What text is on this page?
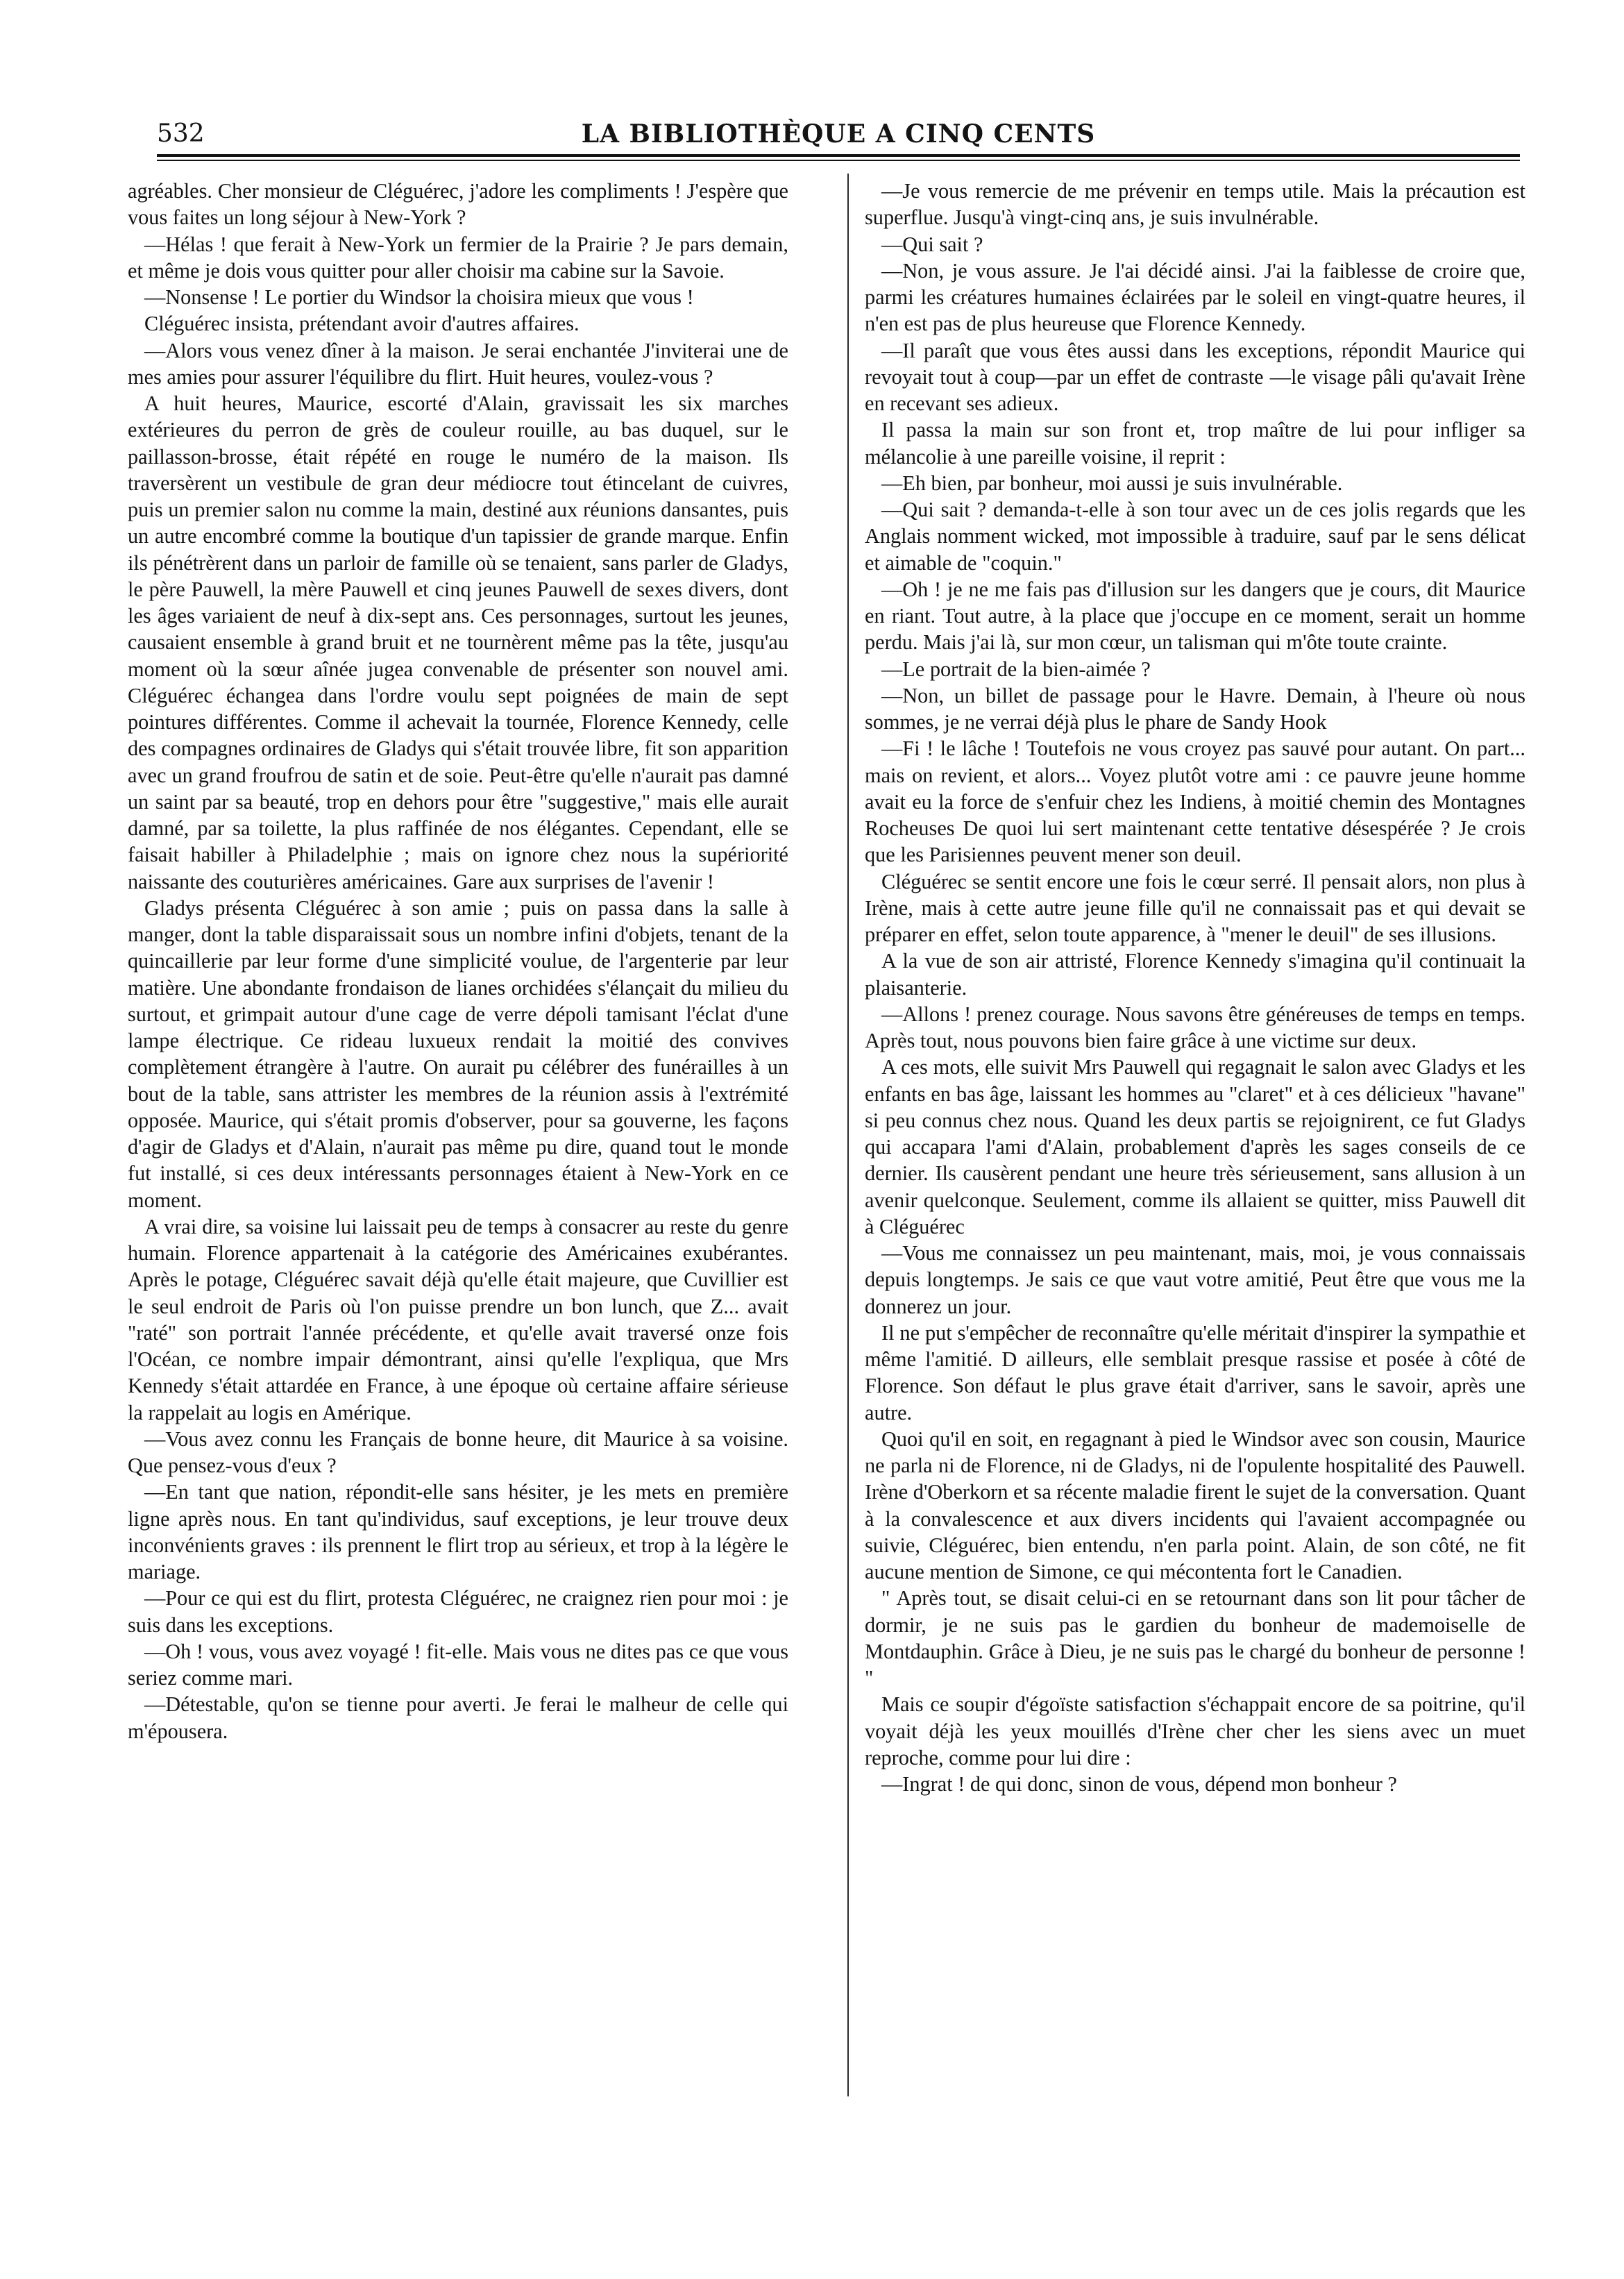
532	LA BIBLIOTHÈQUE A CINQ CENTS

agréables. Cher monsieur de Cléguérec, j'adore les compliments ! J'espère que vous faites un long séjour à New-York ?

—Hélas ! que ferait à New-York un fermier de la Prairie ? Je pars demain, et même je dois vous quitter pour aller choisir ma cabine sur la Savoie.

—Nonsense ! Le portier du Windsor la choisira mieux que vous !

Cléguérec insista, prétendant avoir d'autres affaires.

—Alors vous venez dîner à la maison. Je serai enchantée J'inviterai une de mes amies pour assurer l'équilibre du flirt. Huit heures, voulez-vous ?

A huit heures, Maurice, escorté d'Alain, gravissait les six marches extérieures du perron de grès de couleur rouille, au bas duquel, sur le paillasson-brosse, était répété en rouge le numéro de la maison. Ils traversèrent un vestibule de gran deur médiocre tout étincelant de cuivres, puis un premier salon nu comme la main, destiné aux réunions dansantes, puis un autre encombré comme la boutique d'un tapissier de grande marque. Enfin ils pénétrèrent dans un parloir de famille où se tenaient, sans parler de Gladys, le père Pauwell, la mère Pauwell et cinq jeunes Pauwell de sexes divers, dont les âges variaient de neuf à dix-sept ans. Ces personnages, surtout les jeunes, causaient ensemble à grand bruit et ne tournèrent même pas la tête, jusqu'au moment où la sœur aînée jugea convenable de présenter son nouvel ami. Cléguérec échangea dans l'ordre voulu sept poignées de main de sept pointures différentes. Comme il achevait la tournée, Florence Kennedy, celle des compagnes ordinaires de Gladys qui s'était trouvée libre, fit son apparition avec un grand froufrou de satin et de soie. Peut-être qu'elle n'aurait pas damné un saint par sa beauté, trop en dehors pour être "suggestive," mais elle aurait damné, par sa toilette, la plus raffinée de nos élégantes. Cependant, elle se faisait habiller à Philadelphie ; mais on ignore chez nous la supériorité naissante des couturières américaines. Gare aux surprises de l'avenir !

Gladys présenta Cléguérec à son amie ; puis on passa dans la salle à manger, dont la table disparaissait sous un nombre infini d'objets, tenant de la quincaillerie par leur forme d'une simplicité voulue, de l'argenterie par leur matière. Une abondante frondaison de lianes orchidées s'élançait du milieu du surtout, et grimpait autour d'une cage de verre dépoli tamisant l'éclat d'une lampe électrique. Ce rideau luxueux rendait la moitié des convives complètement étrangère à l'autre. On aurait pu célébrer des funérailles à un bout de la table, sans attrister les membres de la réunion assis à l'extrémité opposée. Maurice, qui s'était promis d'observer, pour sa gouverne, les façons d'agir de Gladys et d'Alain, n'aurait pas même pu dire, quand tout le monde fut installé, si ces deux intéressants personnages étaient à New-York en ce moment.

A vrai dire, sa voisine lui laissait peu de temps à consacrer au reste du genre humain. Florence appartenait à la catégorie des Américaines exubérantes. Après le potage, Cléguérec savait déjà qu'elle était majeure, que Cuvillier est le seul endroit de Paris où l'on puisse prendre un bon lunch, que Z... avait "raté" son portrait l'année précédente, et qu'elle avait traversé onze fois l'Océan, ce nombre impair démontrant, ainsi qu'elle l'expliqua, que Mrs Kennedy s'était attardée en France, à une époque où certaine affaire sérieuse la rappelait au logis en Amérique.

—Vous avez connu les Français de bonne heure, dit Maurice à sa voisine. Que pensez-vous d'eux ?

—En tant que nation, répondit-elle sans hésiter, je les mets en première ligne après nous. En tant qu'individus, sauf exceptions, je leur trouve deux inconvénients graves : ils prennent le flirt trop au sérieux, et trop à la légère le mariage.

—Pour ce qui est du flirt, protesta Cléguérec, ne craignez rien pour moi : je suis dans les exceptions.

—Oh ! vous, vous avez voyagé ! fit-elle. Mais vous ne dites pas ce que vous seriez comme mari.

—Détestable, qu'on se tienne pour averti. Je ferai le malheur de celle qui m'épousera.

—Je vous remercie de me prévenir en temps utile. Mais la précaution est superflue. Jusqu'à vingt-cinq ans, je suis invulnérable.

—Qui sait ?

—Non, je vous assure. Je l'ai décidé ainsi. J'ai la faiblesse de croire que, parmi les créatures humaines éclairées par le soleil en vingt-quatre heures, il n'en est pas de plus heureuse que Florence Kennedy.

—Il paraît que vous êtes aussi dans les exceptions, répondit Maurice qui revoyait tout à coup—par un effet de contraste —le visage pâli qu'avait Irène en recevant ses adieux.

Il passa la main sur son front et, trop maître de lui pour infliger sa mélancolie à une pareille voisine, il reprit :

—Eh bien, par bonheur, moi aussi je suis invulnérable.

—Qui sait ? demanda-t-elle à son tour avec un de ces jolis regards que les Anglais nomment wicked, mot impossible à traduire, sauf par le sens délicat et aimable de "coquin."

—Oh ! je ne me fais pas d'illusion sur les dangers que je cours, dit Maurice en riant. Tout autre, à la place que j'occupe en ce moment, serait un homme perdu. Mais j'ai là, sur mon cœur, un talisman qui m'ôte toute crainte.

—Le portrait de la bien-aimée ?

—Non, un billet de passage pour le Havre. Demain, à l'heure où nous sommes, je ne verrai déjà plus le phare de Sandy Hook

—Fi ! le lâche ! Toutefois ne vous croyez pas sauvé pour autant. On part... mais on revient, et alors... Voyez plutôt votre ami : ce pauvre jeune homme avait eu la force de s'enfuir chez les Indiens, à moitié chemin des Montagnes Rocheuses De quoi lui sert maintenant cette tentative désespérée ? Je crois que les Parisiennes peuvent mener son deuil.

Cléguérec se sentit encore une fois le cœur serré. Il pensait alors, non plus à Irène, mais à cette autre jeune fille qu'il ne connaissait pas et qui devait se préparer en effet, selon toute apparence, à "mener le deuil" de ses illusions.

A la vue de son air attristé, Florence Kennedy s'imagina qu'il continuait la plaisanterie.

—Allons ! prenez courage. Nous savons être généreuses de temps en temps. Après tout, nous pouvons bien faire grâce à une victime sur deux.

A ces mots, elle suivit Mrs Pauwell qui regagnait le salon avec Gladys et les enfants en bas âge, laissant les hommes au "claret" et à ces délicieux "havane" si peu connus chez nous. Quand les deux partis se rejoignirent, ce fut Gladys qui accapara l'ami d'Alain, probablement d'après les sages conseils de ce dernier. Ils causèrent pendant une heure très sérieusement, sans allusion à un avenir quelconque. Seulement, comme ils allaient se quitter, miss Pauwell dit à Cléguérec

—Vous me connaissez un peu maintenant, mais, moi, je vous connaissais depuis longtemps. Je sais ce que vaut votre amitié, Peut être que vous me la donnerez un jour.

Il ne put s'empêcher de reconnaître qu'elle méritait d'inspirer la sympathie et même l'amitié. D ailleurs, elle semblait presque rassise et posée à côté de Florence. Son défaut le plus grave était d'arriver, sans le savoir, après une autre.

Quoi qu'il en soit, en regagnant à pied le Windsor avec son cousin, Maurice ne parla ni de Florence, ni de Gladys, ni de l'opulente hospitalité des Pauwell. Irène d'Oberkorn et sa récente maladie firent le sujet de la conversation. Quant à la convalescence et aux divers incidents qui l'avaient accompagnée ou suivie, Cléguérec, bien entendu, n'en parla point. Alain, de son côté, ne fit aucune mention de Simone, ce qui mécontenta fort le Canadien.

" Après tout, se disait celui-ci en se retournant dans son lit pour tâcher de dormir, je ne suis pas le gardien du bonheur de mademoiselle de Montdauphin. Grâce à Dieu, je ne suis pas le chargé du bonheur de personne ! "

Mais ce soupir d'égoïste satisfaction s'échappait encore de sa poitrine, qu'il voyait déjà les yeux mouillés d'Irène cher cher les siens avec un muet reproche, comme pour lui dire :

—Ingrat ! de qui donc, sinon de vous, dépend mon bonheur ?
